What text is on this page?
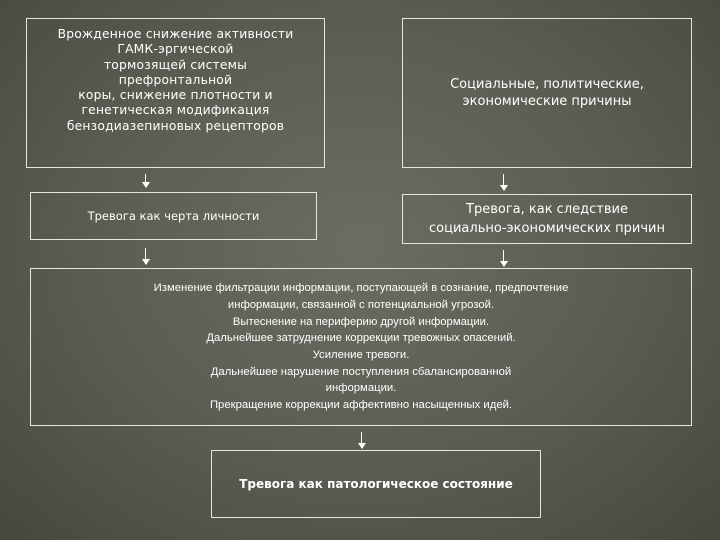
Врожденное снижение активности
ГАМК-эргической
тормозящей системы
префронтальной
коры, снижение плотности и
генетическая модификация
бензодиазепиновых рецепторов
Социальные, политические,
экономические причины
Тревога как черта личности	Тревога, как следствие
социально-экономических причин
Изменение фильтрации информации, поступающей в сознание, предпочтение
информации, связанной с потенциальной угрозой.
Вытеснение на периферию другой информации.
Дальнейшее затруднение коррекции тревожных опасений.
Усиление тревоги.
Дальнейшее нарушение поступления сбалансированной
информации.
Прекращение коррекции аффективно насыщенных идей.
Тревога как патологическое состояние
